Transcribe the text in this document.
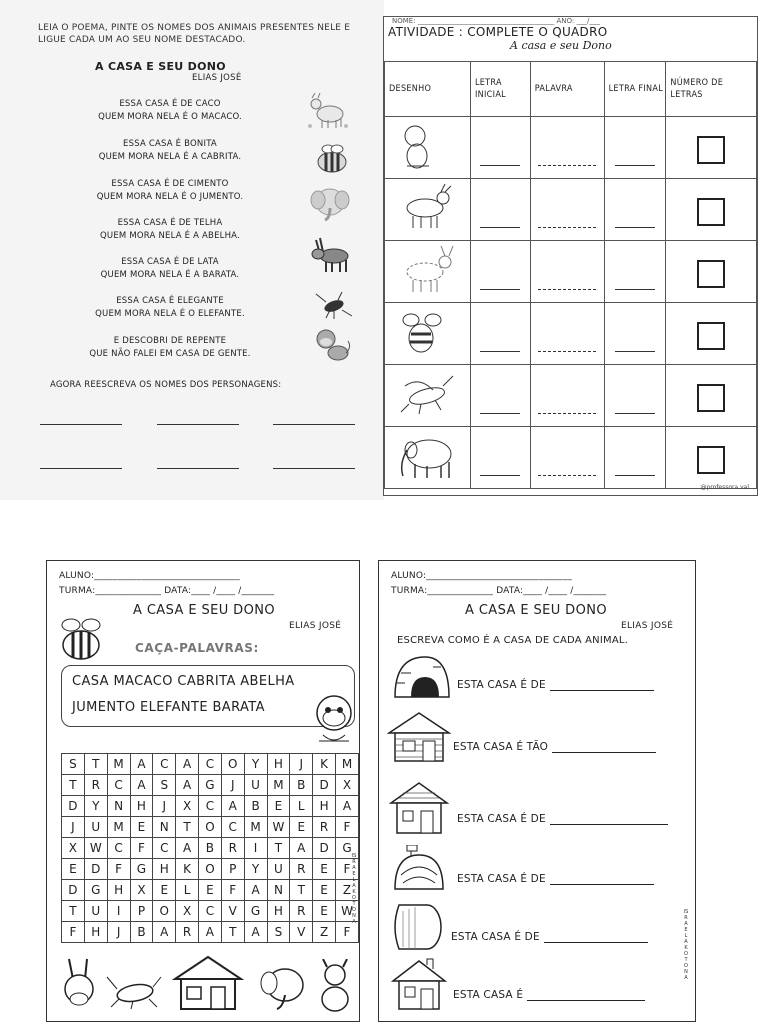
LEIA O POEMA, PINTE OS NOMES DOS ANIMAIS PRESENTES NELE E LIGUE CADA UM AO SEU NOME DESTACADO.
A CASA E SEU DONO
ELIAS JOSÉ
ESSA CASA É DE CACO
QUEM MORA NELA É O MACACO.
ESSA CASA É BONITA
QUEM MORA NELA É A CABRITA.
ESSA CASA É DE CIMENTO
QUEM MORA NELA É O JUMENTO.
ESSA CASA É DE TELHA
QUEM MORA NELA É A ABELHA.
ESSA CASA É DE LATA
QUEM MORA NELA É A BARATA.
ESSA CASA É ELEGANTE
QUEM MORA NELA É O ELEFANTE.
E DESCOBRI DE REPENTE
QUE NÃO FALEI EM CASA DE GENTE.
AGORA REESCREVA OS NOMES DOS PERSONAGENS:
NOME: _______________________________________ ANO: ___/___
ATIVIDADE : COMPLETE O QUADRO
A casa e seu Dono
DESENHO	LETRA INICIAL	PALAVRA	LETRA FINAL	NÚMERO DE LETRAS

@professora.val
ALUNO:_______________________________
TURMA:______________ DATA:____ /____ /_______
A CASA E SEU DONO
ELIAS JOSÉ
CAÇA-PALAVRAS:
CASA MACACO CABRITA ABELHA
JUMENTO ELEFANTE BARATA
S	T	M	A	C	A	C	O	Y	H	J	K	M
T	R	C	A	S	A	G	J	U	M	B	D	X
D	Y	N	H	J	X	C	A	B	E	L	H	A
J	U	M	E	N	T	O	C	M	W	E	R	F
X	W	C	F	C	A	B	R	I	T	A	D	G
E	D	F	G	H	K	O	P	Y	U	R	E	F
D	G	H	X	E	L	E	F	A	N	T	E	Z
T	U	I	P	O	X	C	V	G	H	R	E	W
F	H	J	B	A	R	A	T	A	S	V	Z	F
ISRAELA KOTONA
ALUNO:_______________________________
TURMA:______________ DATA:____ /____ /_______
A CASA E SEU DONO
ELIAS JOSÉ
ESCREVA COMO É A CASA DE CADA ANIMAL.
ESTA CASA É DE
ESTA CASA É TÃO
ESTA CASA É DE
ESTA CASA É DE
ESTA CASA É DE
ESTA CASA É
ISRAELA KOTONA
